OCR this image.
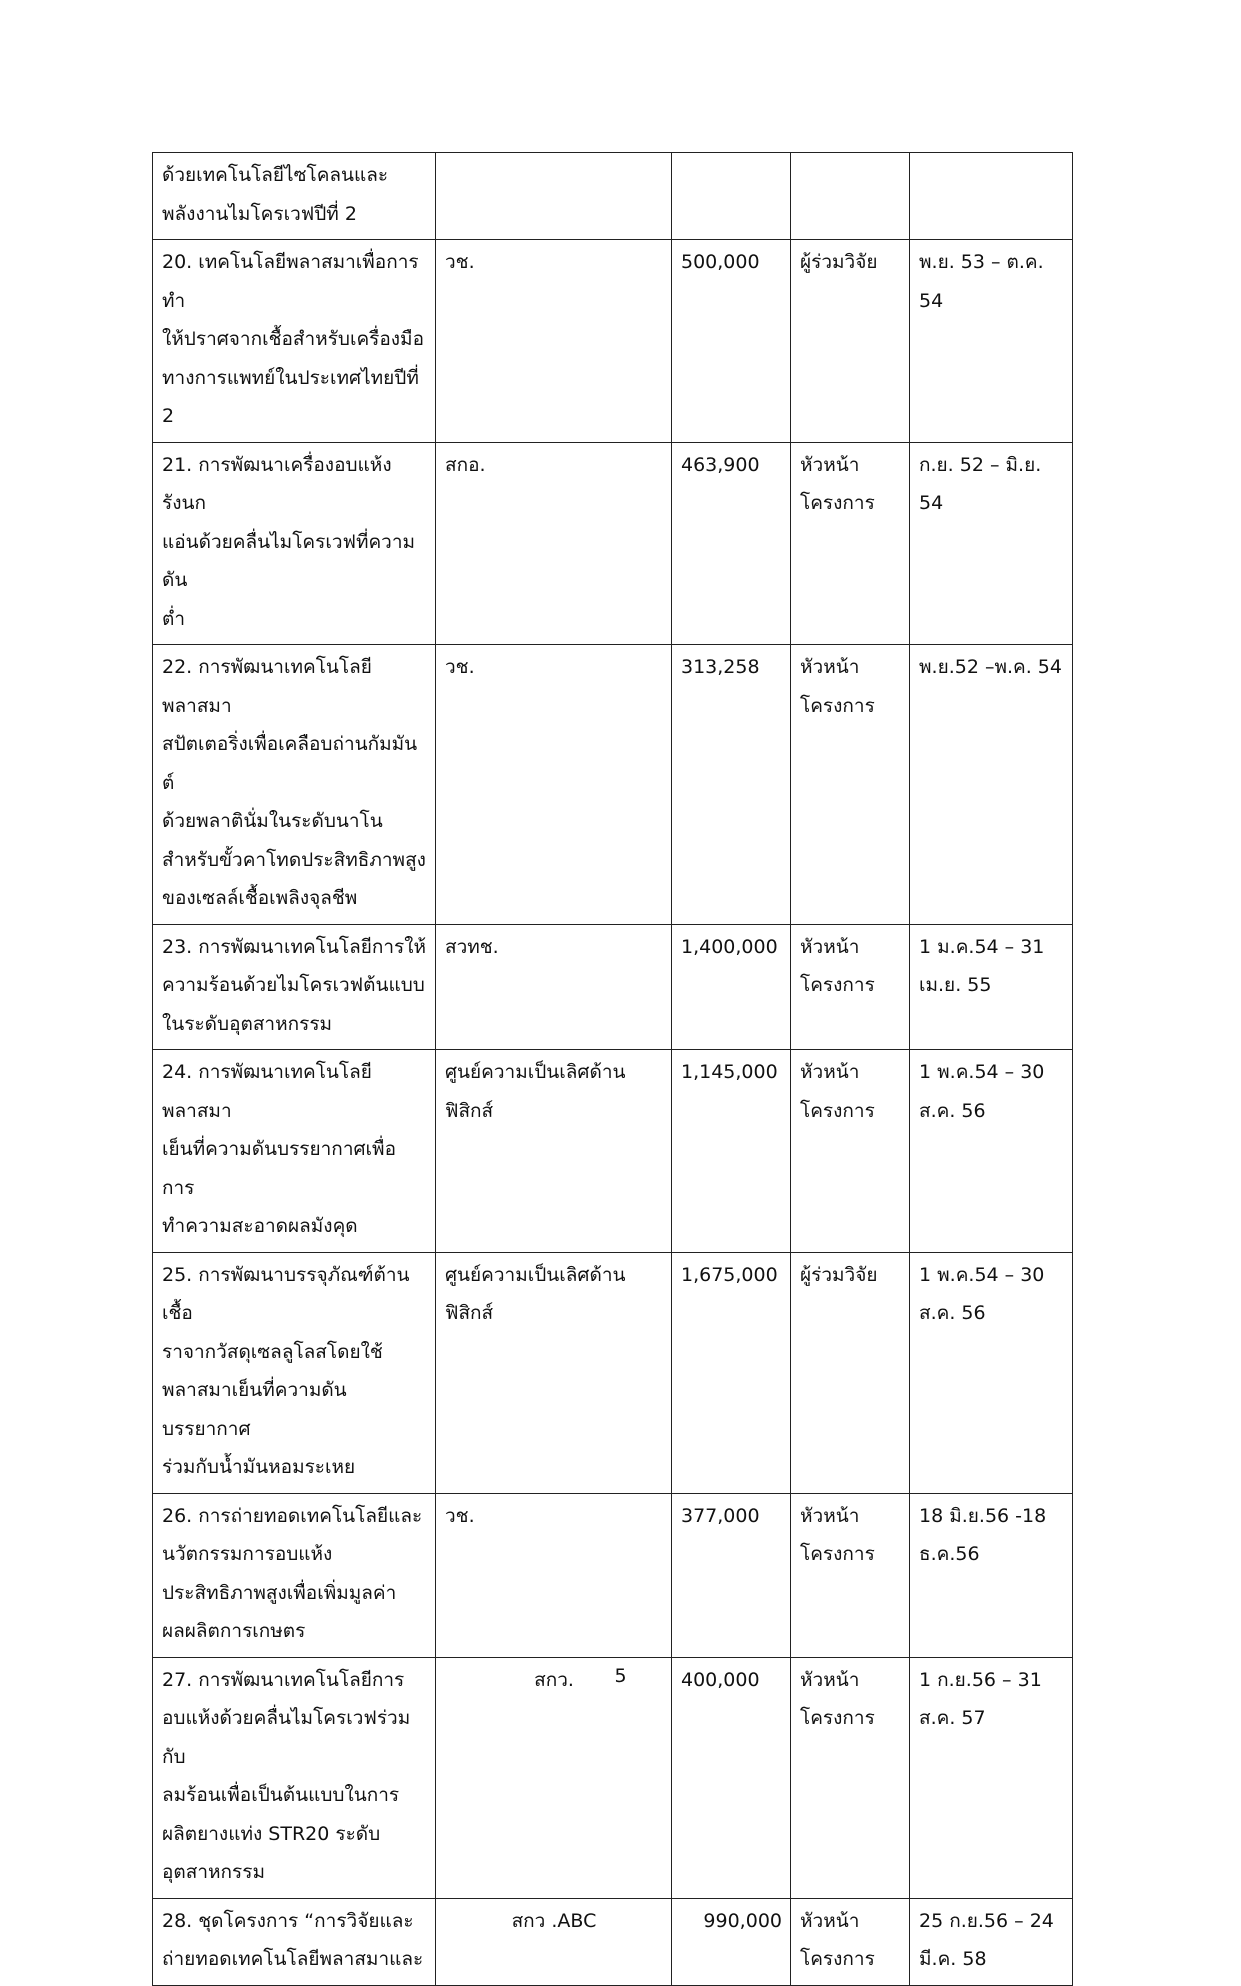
ด้วยเทคโนโลยีไซโคลนและ
พลังงานไมโครเวฟปีที่ 2				

20. เทคโนโลยีพลาสมาเพื่อการทำ
ให้ปราศจากเชื้อสำหรับเครื่องมือ
ทางการแพทย์ในประเทศไทยปีที่
2	วช.	500,000	ผู้ร่วมวิจัย	พ.ย. 53 – ต.ค.
54

21. การพัฒนาเครื่องอบแห้งรังนก
แอ่นด้วยคลื่นไมโครเวฟที่ความดัน
ต่ำ	สกอ.	463,900	หัวหน้า
โครงการ	ก.ย. 52 – มิ.ย.
54

22. การพัฒนาเทคโนโลยีพลาสมา
สปัตเตอริ่งเพื่อเคลือบถ่านกัมมันต์
ด้วยพลาตินั่มในระดับนาโน
สำหรับขั้วคาโทดประสิทธิภาพสูง
ของเซลล์เชื้อเพลิงจุลชีพ	วช.	313,258	หัวหน้า
โครงการ	พ.ย.52 –พ.ค. 54

23. การพัฒนาเทคโนโลยีการให้
ความร้อนด้วยไมโครเวฟต้นแบบ
ในระดับอุตสาหกรรม	สวทช.	1,400,000	หัวหน้า
โครงการ	1 ม.ค.54 – 31
เม.ย. 55

24. การพัฒนาเทคโนโลยีพลาสมา
เย็นที่ความดันบรรยากาศเพื่อการ
ทำความสะอาดผลมังคุด	ศูนย์ความเป็นเลิศด้าน
ฟิสิกส์	1,145,000	หัวหน้า
โครงการ	1 พ.ค.54 – 30
ส.ค. 56

25. การพัฒนาบรรจุภัณฑ์ต้านเชื้อ
ราจากวัสดุเซลลูโลสโดยใช้
พลาสมาเย็นที่ความดันบรรยากาศ
ร่วมกับน้ำมันหอมระเหย	ศูนย์ความเป็นเลิศด้าน
ฟิสิกส์	1,675,000	ผู้ร่วมวิจัย	1 พ.ค.54 – 30
ส.ค. 56

26. การถ่ายทอดเทคโนโลยีและ
นวัตกรรมการอบแห้ง
ประสิทธิภาพสูงเพื่อเพิ่มมูลค่า
ผลผลิตการเกษตร	วช.	377,000	หัวหน้า
โครงการ	18 มิ.ย.56 -18
ธ.ค.56

27. การพัฒนาเทคโนโลยีการ
อบแห้งด้วยคลื่นไมโครเวฟร่วมกับ
ลมร้อนเพื่อเป็นต้นแบบในการ
ผลิตยางแท่ง STR20 ระดับ
อุตสาหกรรม	สกว.	400,000	หัวหน้า
โครงการ	1 ก.ย.56 – 31
ส.ค. 57

28. ชุดโครงการ “การวิจัยและ
ถ่ายทอดเทคโนโลยีพลาสมาและ	สกว .ABC	990,000	หัวหน้า
โครงการ	25 ก.ย.56 – 24
มี.ค. 58
5
